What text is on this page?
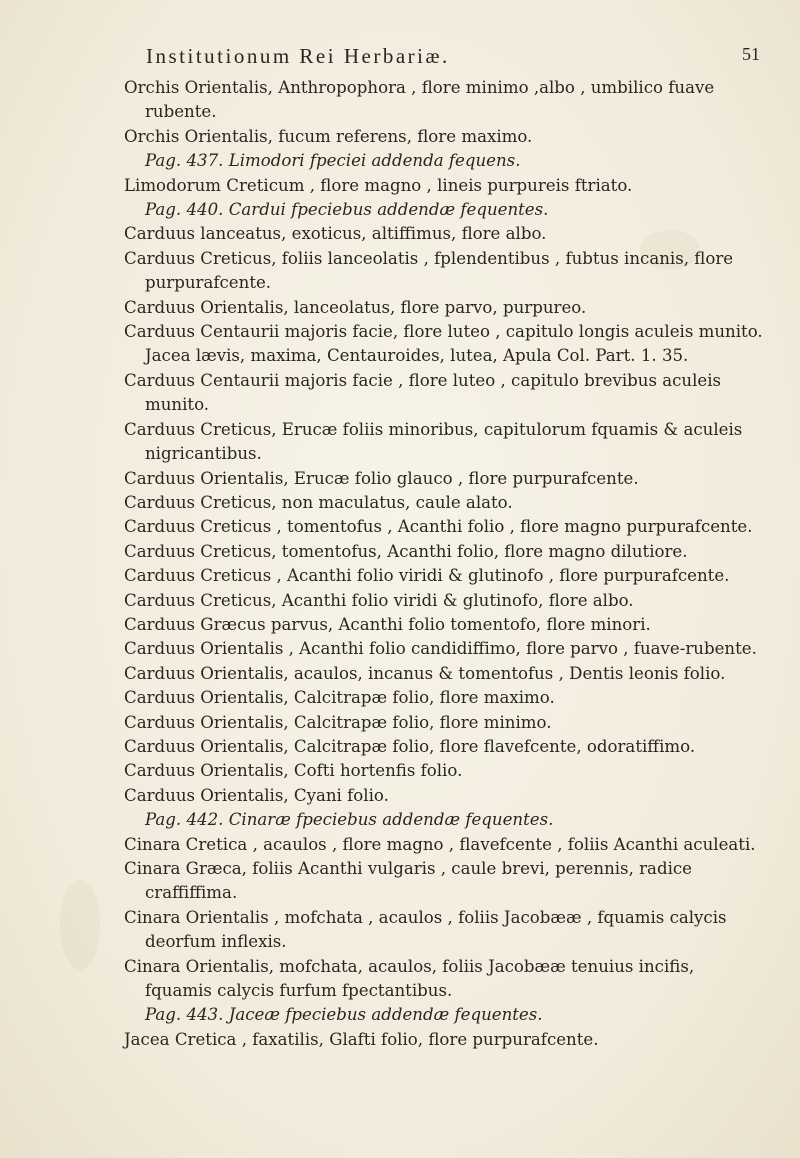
Institutionum Rei Herbariæ.	51

Orchis Orientalis, Anthropophora , flore minimo ,albo , umbilico fuave rubente.

Orchis Orientalis, fucum referens, flore maximo.

Pag. 437. Limodori fpeciei addenda fequens.

Limodorum Creticum , flore magno , lineis purpureis ftriato.

Pag. 440. Cardui fpeciebus addendæ fequentes.

Carduus lanceatus, exoticus, altiffimus, flore albo.

Carduus Creticus, foliis lanceolatis , fplendentibus , fubtus incanis, flore purpurafcente.

Carduus Orientalis, lanceolatus, flore parvo, purpureo.

Carduus Centaurii majoris facie, flore luteo , capitulo longis aculeis munito. Jacea lævis, maxima, Centauroides, lutea, Apula Col. Part. 1. 35.

Carduus Centaurii majoris facie , flore luteo , capitulo brevibus aculeis munito.

Carduus Creticus, Erucæ foliis minoribus, capitulorum fquamis & aculeis nigricantibus.

Carduus Orientalis, Erucæ folio glauco , flore purpurafcente.

Carduus Creticus, non maculatus, caule alato.

Carduus Creticus , tomentofus , Acanthi folio , flore magno purpurafcente.

Carduus Creticus, tomentofus, Acanthi folio, flore magno dilutiore.

Carduus Creticus , Acanthi folio viridi & glutinofo , flore purpurafcente.

Carduus Creticus, Acanthi folio viridi & glutinofo, flore albo.

Carduus Græcus parvus, Acanthi folio tomentofo, flore minori.

Carduus Orientalis , Acanthi folio candidiffimo, flore parvo , fuave-rubente.

Carduus Orientalis, acaulos, incanus & tomentofus , Dentis leonis folio.

Carduus Orientalis, Calcitrapæ folio, flore maximo.

Carduus Orientalis, Calcitrapæ folio, flore minimo.

Carduus Orientalis, Calcitrapæ folio, flore flavefcente, odoratiffimo.

Carduus Orientalis, Cofti hortenfis folio.

Carduus Orientalis, Cyani folio.

Pag. 442. Cinaræ fpeciebus addendæ fequentes.

Cinara Cretica , acaulos , flore magno , flavefcente , foliis Acanthi aculeati.

Cinara Græca, foliis Acanthi vulgaris , caule brevi, perennis, radice craffiffima.

Cinara Orientalis , mofchata , acaulos , foliis Jacobææ , fquamis calycis deorfum inflexis.

Cinara Orientalis, mofchata, acaulos, foliis Jacobææ tenuius incifis, fquamis calycis furfum fpectantibus.

Pag. 443. Jaceæ fpeciebus addendæ fequentes.

Jacea Cretica , faxatilis, Glafti folio, flore purpurafcente.
